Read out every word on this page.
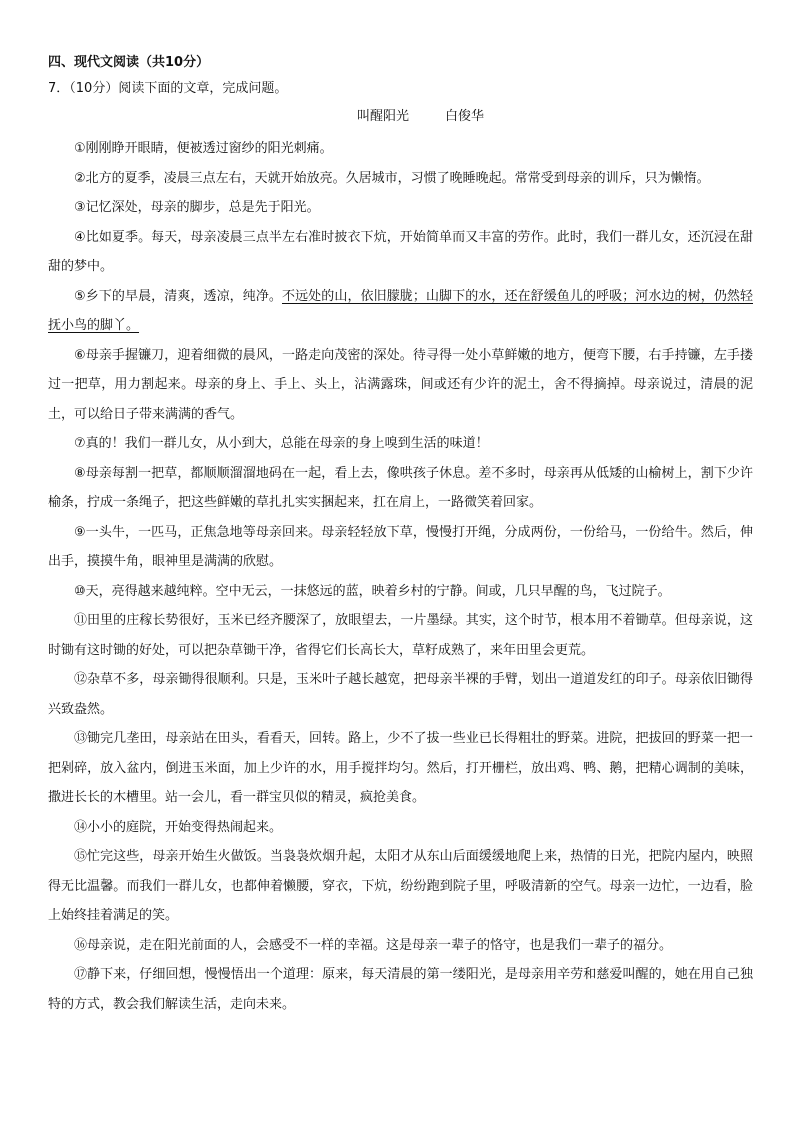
四、现代文阅读（共10分）

7．（10分）阅读下面的文章，完成问题。

叫醒阳光	白俊华

①刚刚睁开眼睛，便被透过窗纱的阳光刺痛。

②北方的夏季，凌晨三点左右，天就开始放亮。久居城市，习惯了晚睡晚起。常常受到母亲的训斥，只为懒惰。

③记忆深处，母亲的脚步，总是先于阳光。

④比如夏季。每天，母亲凌晨三点半左右准时披衣下炕，开始简单而又丰富的劳作。此时，我们一群儿女，还沉浸在甜甜的梦中。

⑤乡下的早晨，清爽，透凉，纯净。不远处的山，依旧朦胧；山脚下的水，还在舒缓鱼儿的呼吸；河水边的树，仍然轻抚小鸟的脚丫。

⑥母亲手握镰刀，迎着细微的晨风，一路走向茂密的深处。待寻得一处小草鲜嫩的地方，便弯下腰，右手持镰，左手搂过一把草，用力割起来。母亲的身上、手上、头上，沾满露珠，间或还有少许的泥土，舍不得摘掉。母亲说过，清晨的泥土，可以给日子带来满满的香气。

⑦真的！我们一群儿女，从小到大，总能在母亲的身上嗅到生活的味道！

⑧母亲每割一把草，都顺顺溜溜地码在一起，看上去，像哄孩子休息。差不多时，母亲再从低矮的山榆树上，割下少许榆条，拧成一条绳子，把这些鲜嫩的草扎扎实实捆起来，扛在肩上，一路微笑着回家。

⑨一头牛，一匹马，正焦急地等母亲回来。母亲轻轻放下草，慢慢打开绳，分成两份，一份给马，一份给牛。然后，伸出手，摸摸牛角，眼神里是满满的欣慰。

⑩天，亮得越来越纯粹。空中无云，一抹悠远的蓝，映着乡村的宁静。间或，几只早醒的鸟，飞过院子。

⑪田里的庄稼长势很好，玉米已经齐腰深了，放眼望去，一片墨绿。其实，这个时节，根本用不着锄草。但母亲说，这时锄有这时锄的好处，可以把杂草锄干净，省得它们长高长大，草籽成熟了，来年田里会更荒。

⑫杂草不多，母亲锄得很顺利。只是，玉米叶子越长越宽，把母亲半裸的手臂，划出一道道发红的印子。母亲依旧锄得兴致盎然。

⑬锄完几垄田，母亲站在田头，看看天，回转。路上，少不了拔一些业已长得粗壮的野菜。进院，把拔回的野菜一把一把剁碎，放入盆内，倒进玉米面，加上少许的水，用手搅拌均匀。然后，打开栅栏，放出鸡、鸭、鹅，把精心调制的美味，撒进长长的木槽里。站一会儿，看一群宝贝似的精灵，疯抢美食。

⑭小小的庭院，开始变得热闹起来。

⑮忙完这些，母亲开始生火做饭。当袅袅炊烟升起，太阳才从东山后面缓缓地爬上来，热情的日光，把院内屋内，映照得无比温馨。而我们一群儿女，也都伸着懒腰，穿衣，下炕，纷纷跑到院子里，呼吸清新的空气。母亲一边忙，一边看，脸上始终挂着满足的笑。

⑯母亲说，走在阳光前面的人，会感受不一样的幸福。这是母亲一辈子的恪守，也是我们一辈子的福分。

⑰静下来，仔细回想，慢慢悟出一个道理：原来，每天清晨的第一缕阳光，是母亲用辛劳和慈爱叫醒的，她在用自己独特的方式，教会我们解读生活，走向未来。
